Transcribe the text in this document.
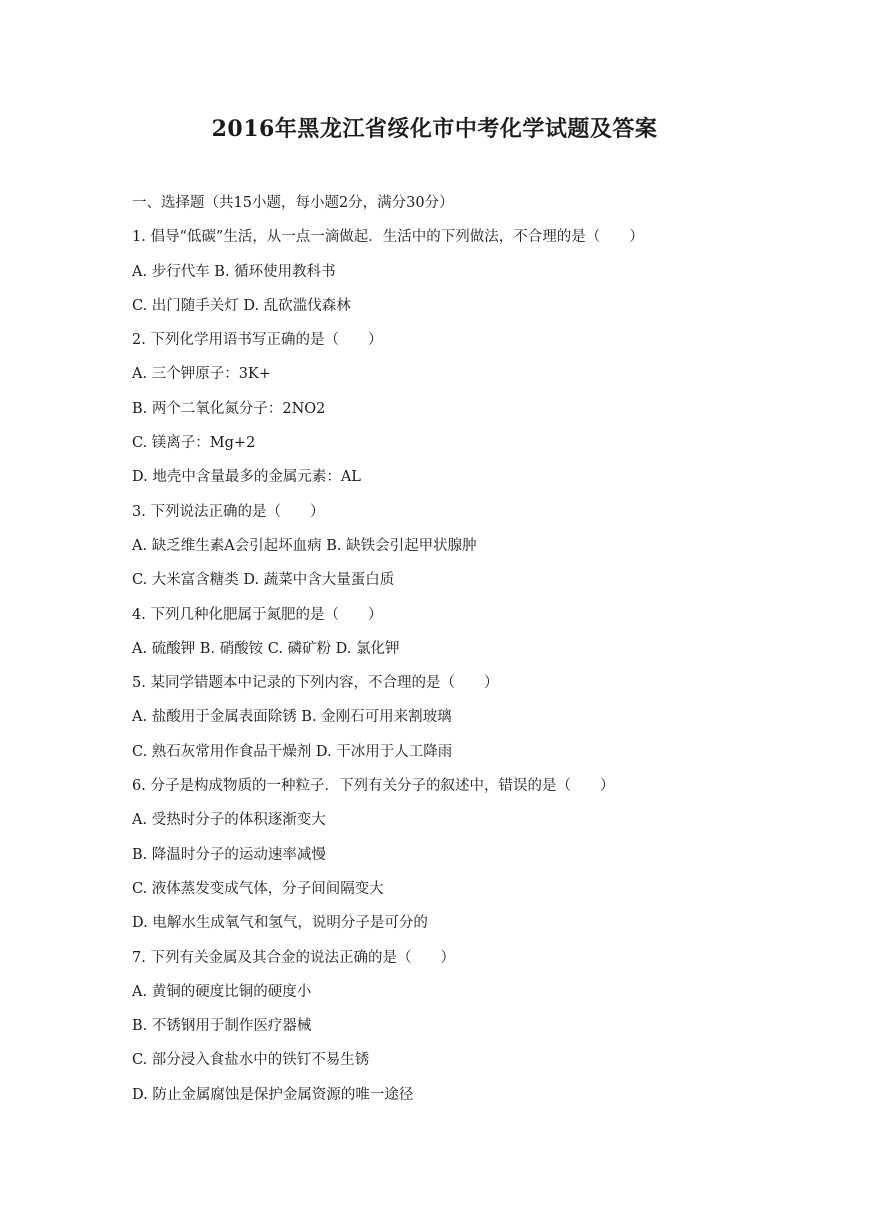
2016年黑龙江省绥化市中考化学试题及答案
一、选择题（共15小题，每小题2分，满分30分）
1. 倡导“低碳”生活，从一点一滴做起．生活中的下列做法，不合理的是（　　）
A. 步行代车 B. 循环使用教科书
C. 出门随手关灯 D. 乱砍滥伐森林
2. 下列化学用语书写正确的是（　　）
A. 三个钾原子：3K+
B. 两个二氧化氮分子：2NO2
C. 镁离子：Mg+2
D. 地壳中含量最多的金属元素：AL
3. 下列说法正确的是（　　）
A. 缺乏维生素A会引起坏血病 B. 缺铁会引起甲状腺肿
C. 大米富含糖类 D. 蔬菜中含大量蛋白质
4. 下列几种化肥属于氮肥的是（　　）
A. 硫酸钾 B. 硝酸铵 C. 磷矿粉 D. 氯化钾
5. 某同学错题本中记录的下列内容，不合理的是（　　）
A. 盐酸用于金属表面除锈 B. 金刚石可用来割玻璃
C. 熟石灰常用作食品干燥剂 D. 干冰用于人工降雨
6. 分子是构成物质的一种粒子．下列有关分子的叙述中，错误的是（　　）
A. 受热时分子的体积逐渐变大
B. 降温时分子的运动速率减慢
C. 液体蒸发变成气体，分子间间隔变大
D. 电解水生成氧气和氢气，说明分子是可分的
7. 下列有关金属及其合金的说法正确的是（　　）
A. 黄铜的硬度比铜的硬度小
B. 不锈钢用于制作医疗器械
C. 部分浸入食盐水中的铁钉不易生锈
D. 防止金属腐蚀是保护金属资源的唯一途径
